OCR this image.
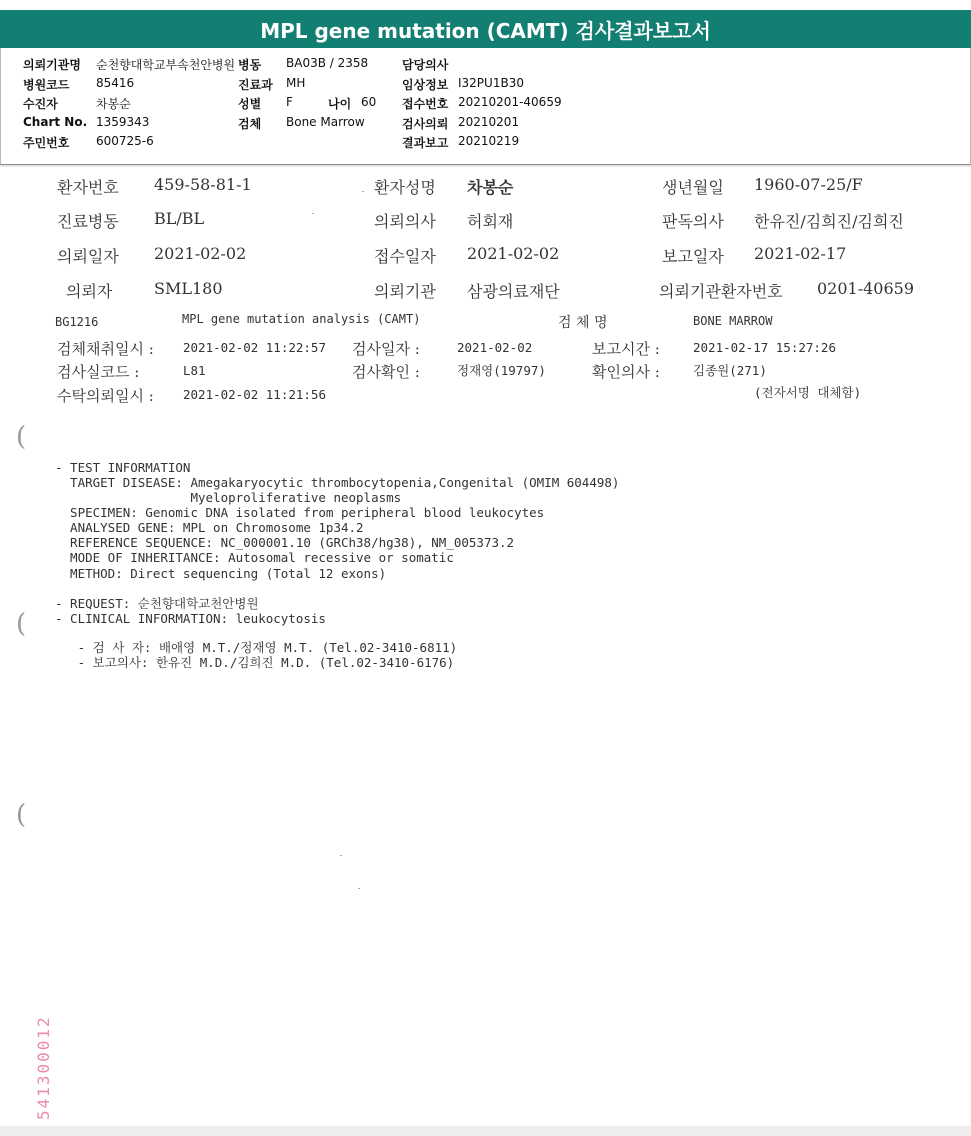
MPL gene mutation (CAMT) 검사결과보고서
의뢰기관명 순천향대학교부속천안병원 병동 BA03B / 2358	담당의사
병원코드 85416	진료과 MH	임상정보 I32PU1B30
수진자	차봉순	성별 F	나이 60 접수번호 20210201-40659
Chart No. 1359343	검체 Bone Marrow	검사의뢰 20210201
주민번호 600725-6	결과보고 20210219
환자번호 459-58-81-1	환자성명 차봉순	생년월일 1960-07-25/F
진료병동 BL/BL	의뢰의사 허회재	판독의사 한유진/김희진/김희진
의뢰일자 2021-02-02	접수일자 2021-02-02	보고일자 2021-02-17
의뢰자	SML180	의뢰기관 삼광의료재단	의뢰기관환자번호 0201-40659
BG1216	MPL gene mutation analysis (CAMT)	검 체 명	BONE MARROW
검체채취일시 : 2021-02-02 11:22:57 검사일자 :	2021-02-02	보고시간 :	2021-02-17 15:27:26
검사실코드 :	L81	검사확인 :	정재영(19797)	확인의사 :	김종원(271)
수탁의뢰일시 : 2021-02-02 11:21:56	(전자서명 대체함)
(
(
(
- TEST INFORMATION
TARGET DISEASE: Amegakaryocytic thrombocytopenia,Congenital (OMIM 604498)
Myeloproliferative neoplasms
SPECIMEN: Genomic DNA isolated from peripheral blood leukocytes
ANALYSED GENE: MPL on Chromosome 1p34.2
REFERENCE SEQUENCE: NC_000001.10 (GRCh38/hg38), NM_005373.2
MODE OF INHERITANCE: Autosomal recessive or somatic
METHOD: Direct sequencing (Total 12 exons)
- REQUEST: 순천향대학교천안병원
- CLINICAL INFORMATION: leukocytosis
- 검 사 자: 배애영 M.T./정재영 M.T. (Tel.02-3410-6811)
- 보고의사: 한유진 M.D./김희진 M.D. (Tel.02-3410-6176)
541300012
